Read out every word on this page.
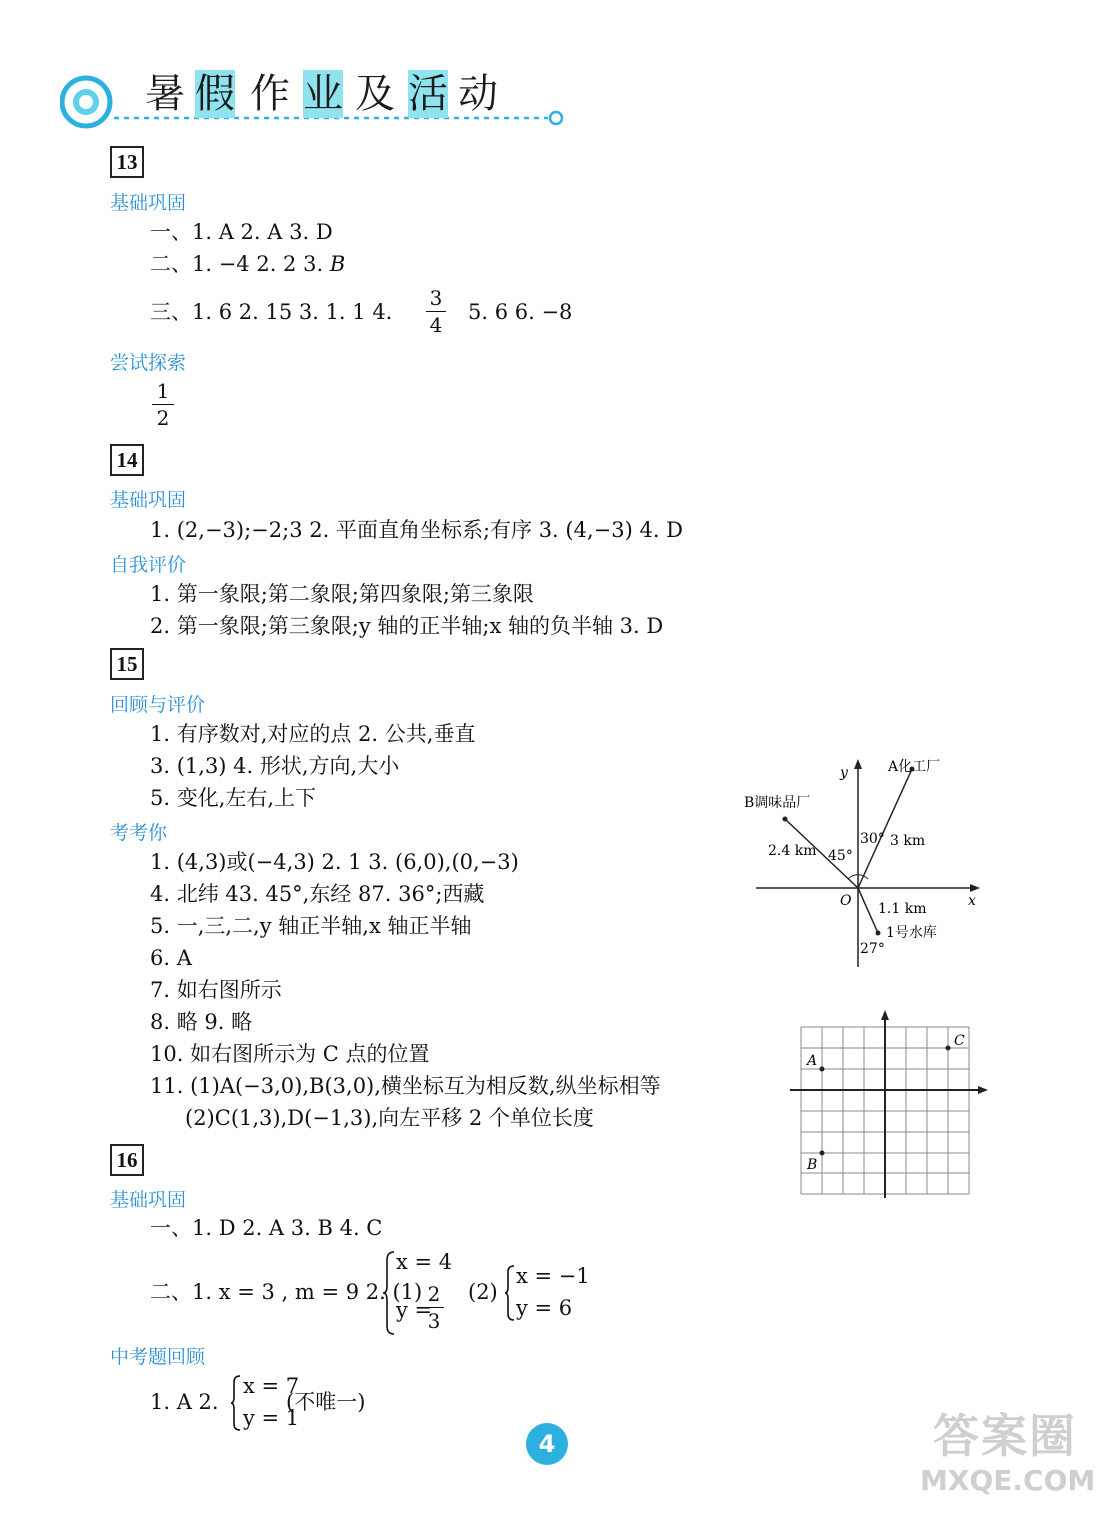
暑 假 作 业 及 活 动
13
基础巩固
一、1. A 2. A 3. D
二、1. −4 2. 2 3. B
三、1. 6 2. 15 3. 1. 1 4.
3
4
5. 6 6. −8
尝试探索
1
2
14
基础巩固
1. (2,−3);−2;3 2. 平面直角坐标系;有序 3. (4,−3) 4. D
自我评价
1. 第一象限;第二象限;第四象限;第三象限
2. 第一象限;第三象限;y 轴的正半轴;x 轴的负半轴 3. D
15
回顾与评价
1. 有序数对,对应的点 2. 公共,垂直
3. (1,3) 4. 形状,方向,大小
5. 变化,左右,上下
考考你
1. (4,3)或(−4,3) 2. 1 3. (6,0),(0,−3)
4. 北纬 43. 45°,东经 87. 36°;西藏
5. 一,三,二,y 轴正半轴,x 轴正半轴
6. A
7. 如右图所示
8. 略 9. 略
10. 如右图所示为 C 点的位置
11. (1)A(−3,0),B(3,0),横坐标互为相反数,纵坐标相等
(2)C(1,3),D(−1,3),向左平移 2 个单位长度
y
x
O
A化工厂
B调味品厂
1号水库
30°
45°
27°
3 km
2.4 km
1.1 km
A
B
C
16
基础巩固
一、1. D 2. A 3. B 4. C
二、1. x = 3 , m = 9 2. (1)
x = 4
y =
2
3
(2)
x = −1
y = 6
中考题回顾
1. A 2.
x = 7
y = 1
(不唯一)
4	答案圈
MXQE.COM
